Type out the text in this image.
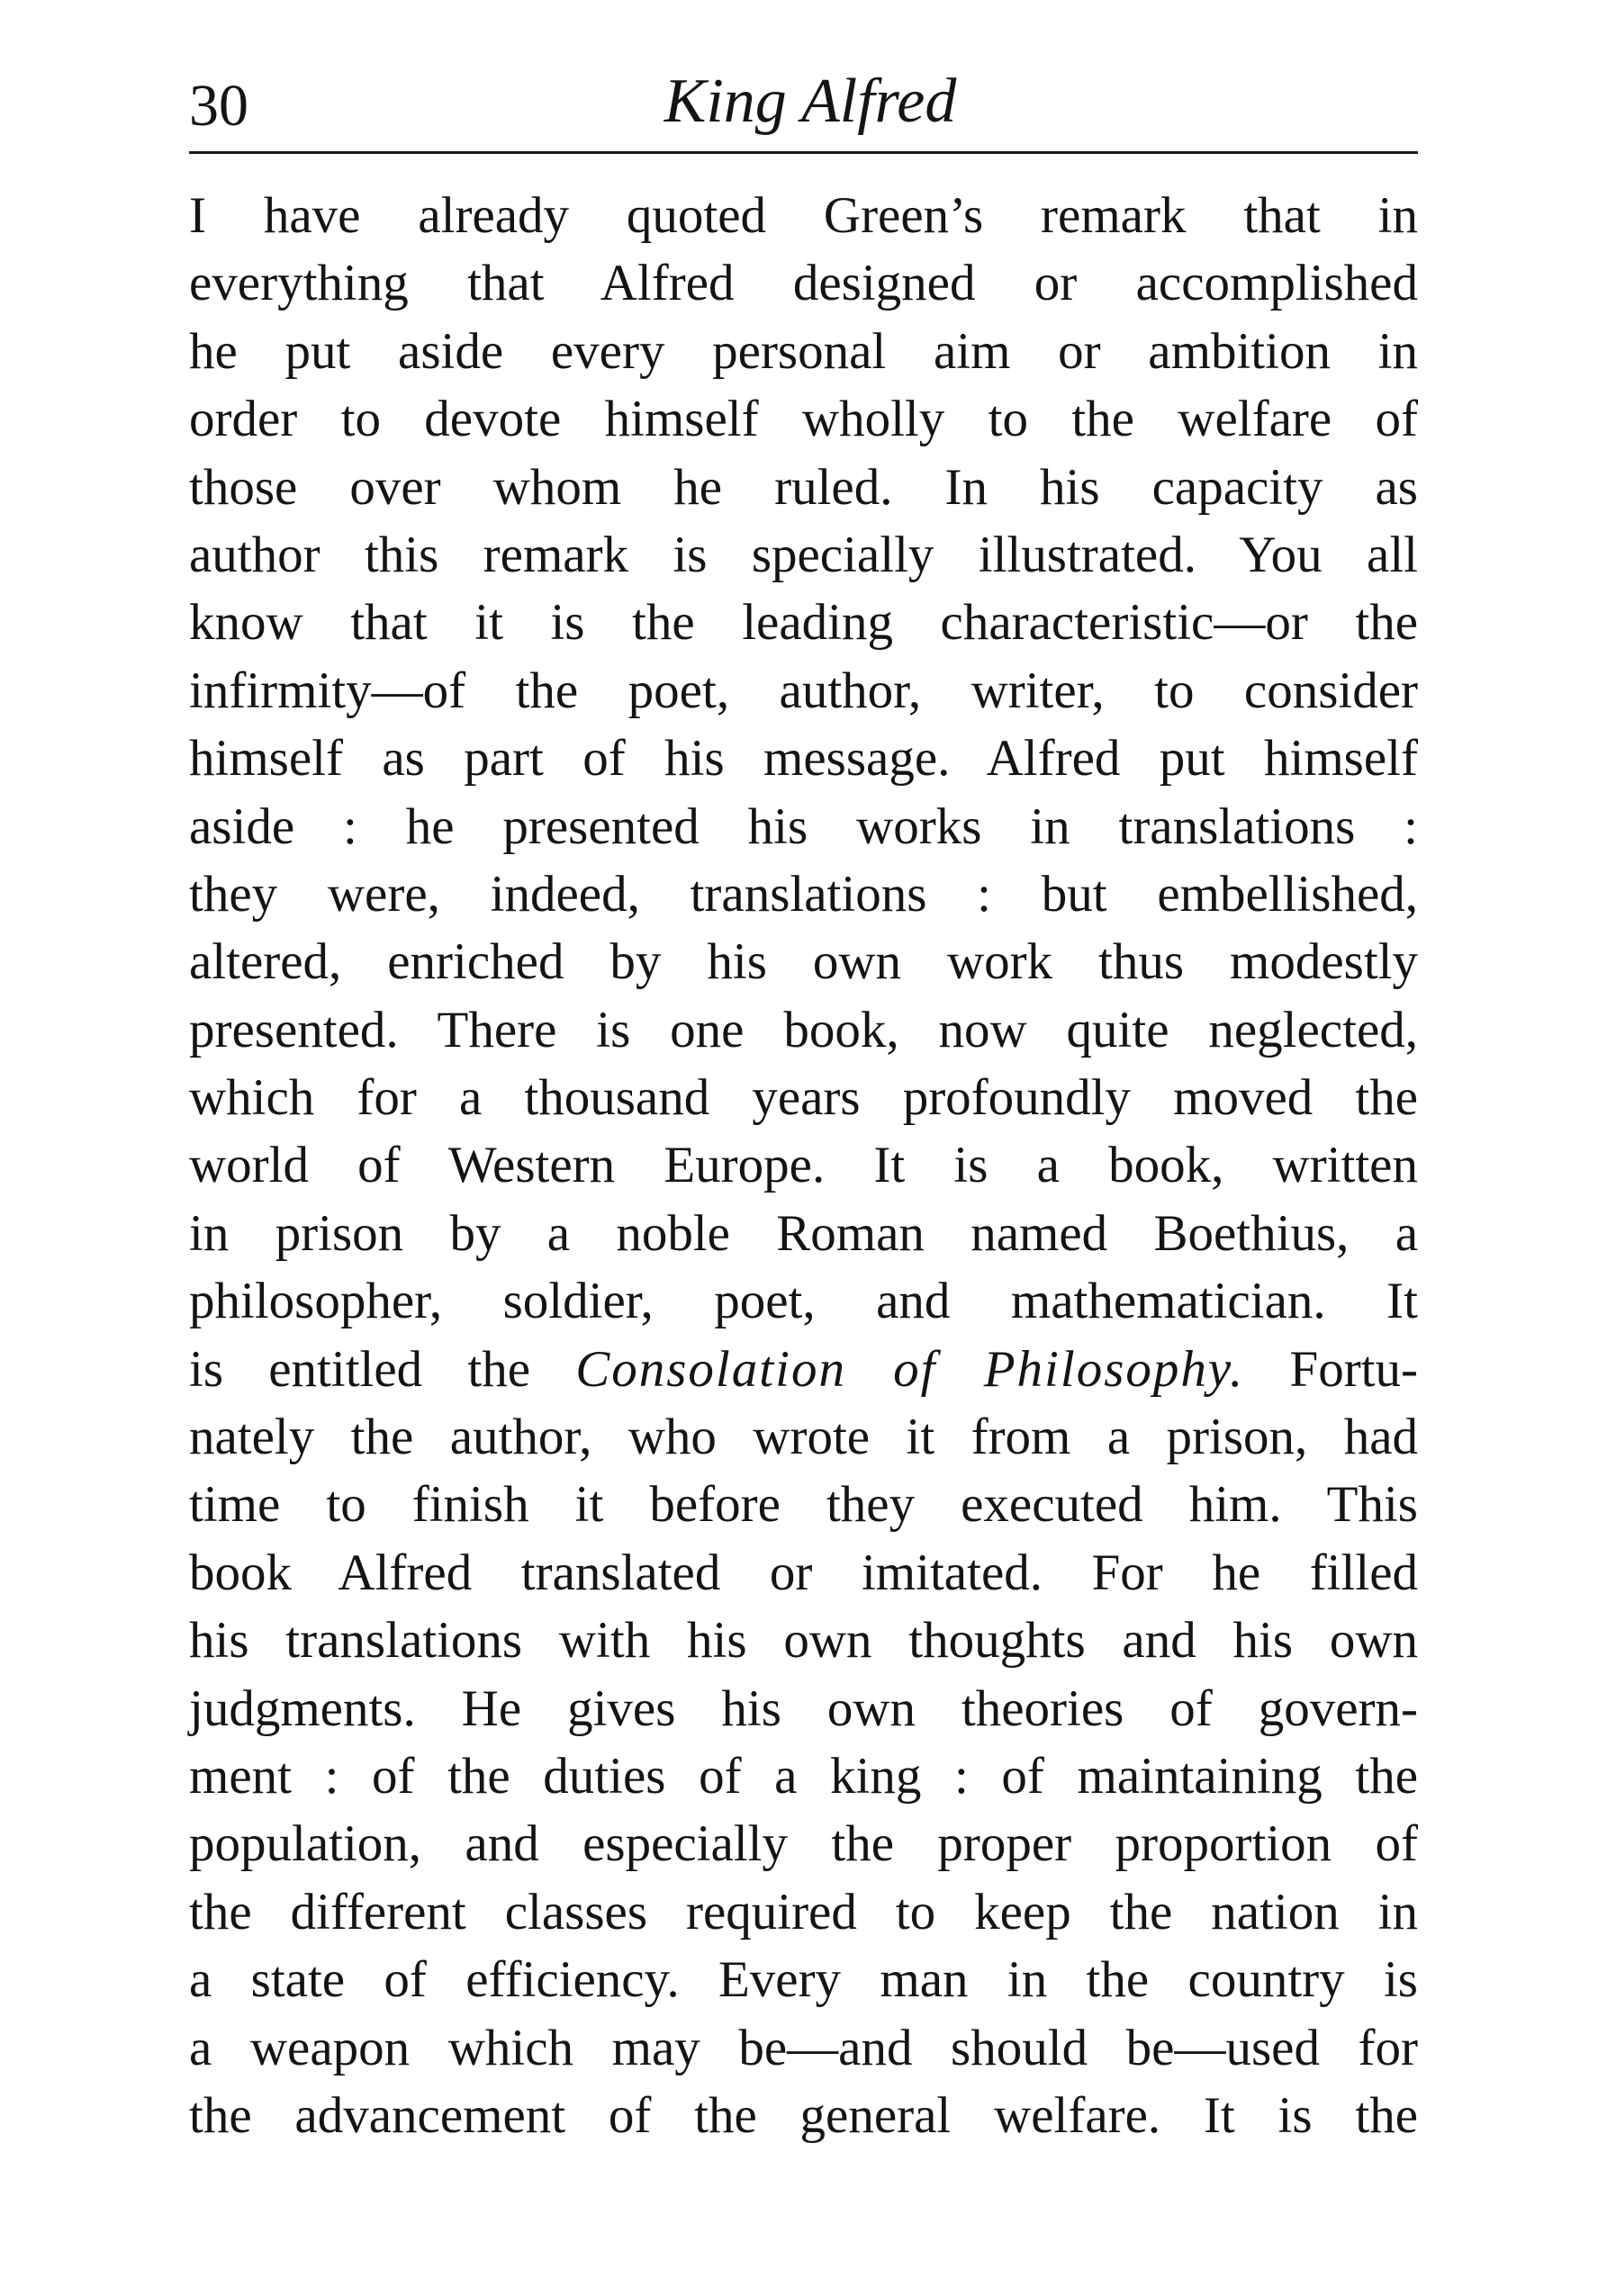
30	King Alfred
I have already quoted Green’s remark that in
everything that Alfred designed or accomplished
he put aside every personal aim or ambition in
order to devote himself wholly to the welfare of
those over whom he ruled. In his capacity as
author this remark is specially illustrated. You all
know that it is the leading characteristic—or the
infirmity—of the poet, author, writer, to consider
himself as part of his message. Alfred put himself
aside : he presented his works in translations :
they were, indeed, translations : but embellished,
altered, enriched by his own work thus modestly
presented. There is one book, now quite neglected,
which for a thousand years profoundly moved the
world of Western Europe. It is a book, written
in prison by a noble Roman named Boethius, a
philosopher, soldier, poet, and mathematician. It
is entitled the Consolation of Philosophy. Fortu-
nately the author, who wrote it from a prison, had
time to finish it before they executed him. This
book Alfred translated or imitated. For he filled
his translations with his own thoughts and his own
judgments. He gives his own theories of govern-
ment : of the duties of a king : of maintaining the
population, and especially the proper proportion of
the different classes required to keep the nation in
a state of efficiency. Every man in the country is
a weapon which may be—and should be—used for
the advancement of the general welfare. It is the
